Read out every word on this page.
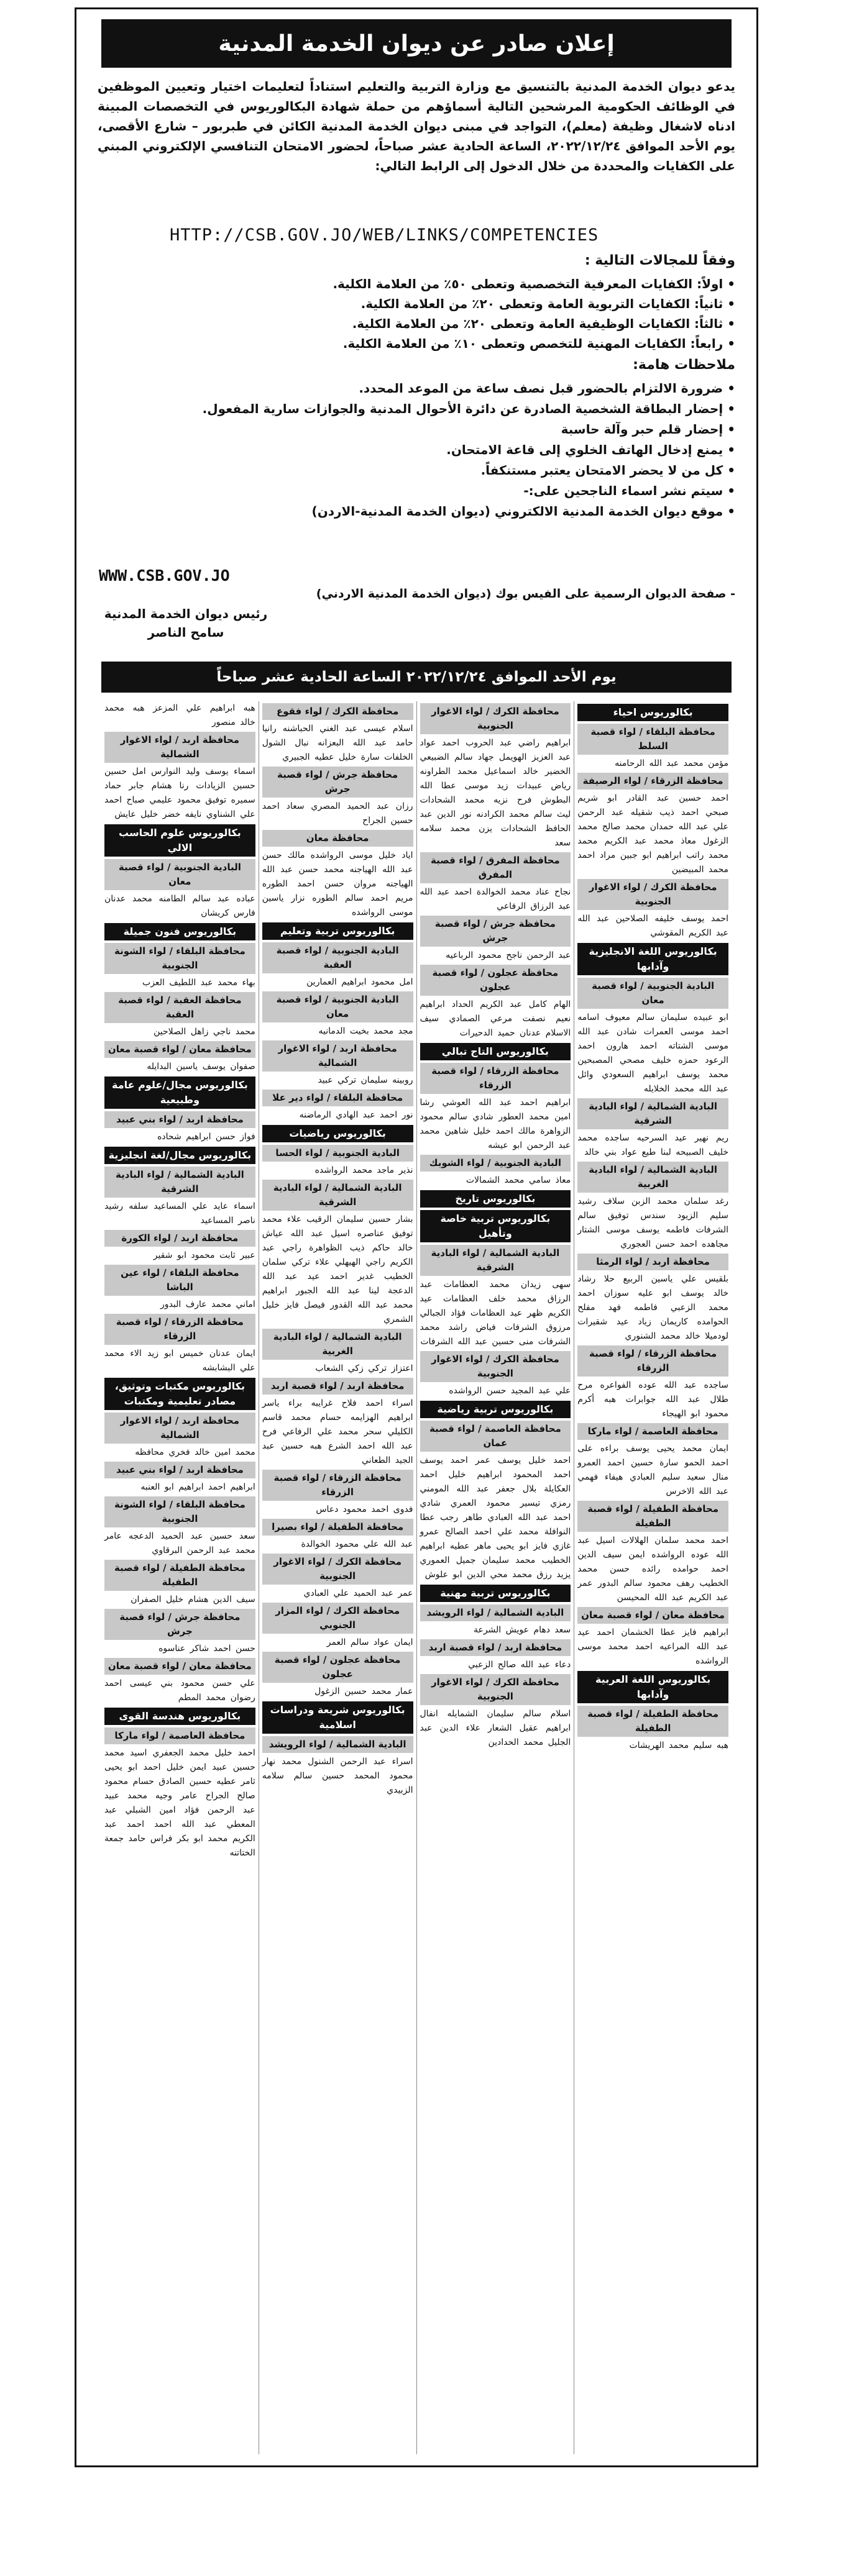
إعلان صادر عن ديوان الخدمة المدنية
يدعو ديوان الخدمة المدنية بالتنسيق مع وزارة التربية والتعليم استناداً لتعليمات اختيار وتعيين الموظفين في الوظائف الحكومية المرشحين التالية أسماؤهم من حملة شهادة البكالوريوس في التخصصات المبينة ادناه لاشغال وظيفة (معلم)، التواجد في مبنى ديوان الخدمة المدنية الكائن في طبربور – شارع الأقصى، يوم الأحد الموافق ٢٠٢٢/١٢/٢٤، الساعة الحادية عشر صباحاً، لحضور الامتحان التنافسي الإلكتروني المبني على الكفايات والمحددة من خلال الدخول إلى الرابط التالي:
HTTP://CSB.GOV.JO/WEB/LINKS/COMPETENCIES
وفقاً للمجالات التالية :
• اولاً: الكفايات المعرفية التخصصية وتعطى ٥٠٪ من العلامة الكلية.
• ثانياً: الكفايات التربوية العامة وتعطى ٢٠٪ من العلامة الكلية.
• ثالثاً: الكفايات الوظيفية العامة وتعطى ٢٠٪ من العلامة الكلية.
• رابعاً: الكفايات المهنية للتخصص وتعطى ١٠٪ من العلامة الكلية.
ملاحظات هامة:
• ضرورة الالتزام بالحضور قبل نصف ساعة من الموعد المحدد.
• إحضار البطاقة الشخصية الصادرة عن دائرة الأحوال المدنية والجوازات سارية المفعول.
• إحضار قلم حبر وآلة حاسبة
• يمنع إدخال الهاتف الخلوي إلى قاعة الامتحان.
• كل من لا يحضر الامتحان يعتبر مستنكفاً.
• سيتم نشر اسماء الناجحين على:-
• موقع ديوان الخدمة المدنية الالكتروني (ديوان الخدمة المدنية-الاردن)
WWW.CSB.GOV.JO
- صفحة الديوان الرسمية على الفيس بوك (ديوان الخدمة المدنية الاردني)
رئيس ديوان الخدمة المدنية
سامح الناصر
يوم الأحد الموافق ٢٠٢٢/١٢/٢٤ الساعة الحادية عشر صباحاً
بكالوريوس احياء
محافظة البلقاء / لواء قصبة السلط
مؤمن محمد عبد الله الرحامنه
محافظة الزرقاء / لواء الرصيفة
احمد حسين عبد القادر ابو شريم صبحي احمد ذيب شقيله عبد الرحمن علي عبد الله حمدان محمد صالح محمد الزغول معاذ محمد عبد الكريم محمد محمد راتب ابراهيم ابو جبين مراد احمد محمد المبيضين
محافظة الكرك / لواء الاغوار الجنوبية
احمد يوسف خليفه الصلاحين عبد الله عبد الكريم المقوشي
بكالوريوس اللغة الانجليزية وآدابها
البادية الجنوبية / لواء قصبة معان
ابو عبيده سليمان سالم معيوف اسامه احمد موسى العمرات شادن عبد الله موسى الشتاته احمد هارون احمد الرعود حمزه خليف مصحي المصبحين محمد يوسف ابراهيم السعودي وائل عبد الله محمد الخلايله
البادية الشمالية / لواء البادية الشرقية
ريم نهير عيد السرحيه ساجده محمد خليف الصبيحه لبنا طيع عواد بني خالد
البادية الشمالية / لواء البادية الغربية
رغد سلمان محمد الزبن سلاف رشيد سليم الزيود سندس توفيق سالم الشرفات فاطمه يوسف موسى الشتار مجاهده احمد حسن العجوري
محافظة اربد / لواء الرمثا
بلقيس علي ياسين الربيع حلا رشاد خالد يوسف ابو عليه سوزان احمد محمد الزعبي فاطمه فهد مفلح الحوامده كاريمان زياد عيد شقيرات لودميلا خالد محمد الشنوري
محافظة الزرقاء / لواء قصبة الزرقاء
ساجده عبد الله عوده الفواعره مرح طلال عبد الله جوابرات هبه أكرم محمود ابو الهيجاء
محافظة العاصمة / لواء ماركا
ايمان محمد يحيى يوسف براءه على احمد الحمو سارة حسين احمد العمرو منال سعيد سليم العبادي هيفاء فهمي عبد الله الاخرس
محافظة الطفيلة / لواء قصبة الطفيلة
احمد محمد سلمان الهلالات اسيل عبد الله عوده الرواشده ايمن سيف الدين احمد حوامده رائده حسن محمد الخطيب رهف محمود سالم البدور عمر عبد الكريم عبد الله المحيسن
محافظة معان / لواء قصبة معان
ابراهيم فايز عطا الخشمان احمد عيد عبد الله المراعيه احمد محمد موسى الرواشده
بكالوريوس اللغة العربية وآدابها
محافظة الطفيلة / لواء قصبة الطفيلة
هبه سليم محمد الهريشات
محافظة الكرك / لواء الاغوار الجنوبية
ابراهيم راضي عبد الحروب احمد عواد عبد العزيز الهويمل جهاد سالم الضبيعي الخضير خالد اسماعيل محمد الطراونه رياض عبيدات زيد موسى عطا الله البطوش فرح نزيه محمد الشحادات ليث سالم محمد الكرادنه نور الدين عبد الحافظ الشحادات يزن محمد سلامه سعد
محافظة المفرق / لواء قصبة المفرق
نجاح عناد محمد الخوالدة احمد عبد الله عبد الرزاق الرفاعي
محافظة جرش / لواء قصبة جرش
عبد الرحمن ناجح محمود الرباعيه
محافظة عجلون / لواء قصبة عجلون
الهام كامل عبد الكريم الحداد ابراهيم نعيم نصفت مرعي الصمادي سيف الاسلام عدنان حميد الدحيرات
بكالوريوس التاج تبالي
محافظة الزرقاء / لواء قصبة الزرقاء
ابراهيم احمد عبد الله العوشي رشا امين محمد العطور شادي سالم محمود الزواهرة مالك احمد خليل شاهين محمد عبد الرحمن ابو عيشه
البادية الجنوبية / لواء الشوبك
معاذ سامي محمد الشمالات
بكالوريوس تاريخ
بكالوريوس تربية خاصة وتأهيل
البادية الشمالية / لواء البادية الشرقية
سهى زيدان محمد العظامات عبد الرزاق محمد خلف العظامات عيد الكريم ظهر عيد العظامات فؤاد الجبالي مرزوق الشرفات فياض راشد محمد الشرفات منى حسين عبد الله الشرفات
محافظة الكرك / لواء الاغوار الجنوبية
علي عبد المجيد حسن الرواشده
بكالوريوس تربية رياضية
محافظة العاصمة / لواء قصبة عمان
احمد خليل يوسف عمر احمد يوسف احمد المحمود ابراهيم خليل احمد العكايلة بلال جعفر عبد الله المومني رمزي تيسير محمود العمري شادي احمد عبد الله العبادي طاهر رجب عطا النوافلة محمد علي احمد الصالح عمرو غازي فايز ابو يحيى ماهر عطيه ابراهيم الخطيب محمد سليمان جميل العموري يزيد رزق محمد محي الدين ابو علوش
بكالوريوس تربية مهنية
البادية الشمالية / لواء الرويشد
سعد دهام عويش الشرعة
محافظة اربد / لواء قصبة اربد
دعاء عبد الله صالح الزعبي
محافظة الكرك / لواء الاغوار الجنوبية
اسلام سالم سليمان الشمايله انفال ابراهيم عقيل الشعار علاء الدين عبد الجليل محمد الحدادين
محافظة الكرك / لواء فقوع
اسلام عيسى عبد الغني الحباشنه رانيا حامد عبد الله البعزانه نبال الشول الخلفات سارة خليل عطيه الجبيري
محافظة جرش / لواء قصبة جرش
رزان عبد الحميد المصري سعاد احمد حسين الجراح
محافظة معان
اياد خليل موسى الرواشده مالك حسن عبد الله الهياجنه محمد حسن عبد الله الهياجنه مروان حسن احمد الطوره مريم احمد سالم الطوره نزار ياسين موسى الرواشده
بكالوريوس تربية وتعليم
البادية الجنوبية / لواء قصبة العقبة
امل محمود ابراهيم العمارين
البادية الجنوبية / لواء قصبة معان
مجد محمد بخيت الدمانيه
محافظة اربد / لواء الاغوار الشمالية
روبينه سليمان تركي عبيد
محافظة البلقاء / لواء دير علا
نور احمد عبد الهادي الرماضنه
بكالوريوس رياضيات
البادية الجنوبية / لواء الحسا
نذير ماجد محمد الرواشده
البادية الشمالية / لواء البادية الشرقية
بشار حسين سليمان الرقيب علاء محمد توفيق عناصره اسيل عبد الله عياش خالد حاكم ذيب الظواهرة راجي عبد الكريم راجي الهيهلي علاء تركي سلمان الخطيب غدير احمد عيد عبد الله الدعجة لينا عبد الله الجبور ابراهيم محمد عبد الله القدور فيصل فايز خليل الشمري
البادية الشمالية / لواء البادية الغربية
اعتزاز تركي زكي الشعاب
محافظة اربد / لواء قصبة اربد
اسراء احمد فلاح غرايبه براء ياسر ابراهيم الهزايمه حسام محمد قاسم الكليلي سحر محمد علي الرفاعي فرح عبد الله احمد الشرع هبه حسين عبد الجيد الطعاني
محافظة الزرقاء / لواء قصبة الزرقاء
فدوى احمد محمود دعاس
محافظة الطفيلة / لواء بصيرا
عبد الله علي محمود الخوالدة
محافظة الكرك / لواء الاغوار الجنوبية
عمر عبد الحميد علي العبادي
محافظة الكرك / لواء المزار الجنوبي
ايمان عواد سالم العمر
محافظة عجلون / لواء قصبة عجلون
عمار محمد حسين الزغول
بكالوريوس شريعة ودراسات اسلامية
البادية الشمالية / لواء الرويشد
اسراء عبد الرحمن الشنول محمد نهار محمود المحمد حسين سالم سلامه الزبيدي
هبه ابراهيم علي المزعز هبه محمد خالد منصور
محافظة اربد / لواء الاغوار الشمالية
اسماء يوسف وليد النوارس امل حسين حسين الزيادات رنا هشام جابر حماد سميره توفيق محمود عليمي صباح احمد علي الشناوي نايفه خضر خليل عايش
بكالوريوس علوم الحاسب الالي
البادية الجنوبية / لواء قصبة معان
عباده عبد سالم الطامنه محمد عدنان فارس كريشان
بكالوريوس فنون جميلة
محافظة البلقاء / لواء الشونة الجنوبية
بهاء محمد عبد اللطيف العزب
محافظة العقبة / لواء قصبة العقبة
محمد ناجي زاهل الصلاحين
محافظة معان / لواء قصبة معان
صفوان يوسف ياسين البدايله
بكالوريوس مجال/علوم عامة وطبيعية
محافظة اربد / لواء بني عبيد
فواز حسن ابراهيم شحاده
بكالوريوس مجال/لغة انجليزية
البادية الشمالية / لواء البادية الشرقية
اسماء عايد علي المساعيد سلفه رشيد ناصر المساعيد
محافظة اربد / لواء الكورة
عبير ثابت محمود ابو شقير
محافظة البلقاء / لواء عين الباشا
اماني محمد عارف البدور
محافظة الزرقاء / لواء قصبة الزرقاء
ايمان عدنان خميس ابو زيد الاء محمد علي البشابشه
بكالوريوس مكتبات وتوثيق، مصادر تعليمية ومكتبات
محافظة اربد / لواء الاغوار الشمالية
محمد امين خالد فخري محافظه
محافظة اربد / لواء بني عبيد
ابراهيم احمد ابراهيم ابو العنبه
محافظة البلقاء / لواء الشونة الجنوبية
سعد حسين عبد الحميد الدعجه عامر محمد عبد الرحمن البرقاوي
محافظة الطفيلة / لواء قصبة الطفيلة
سيف الدين هشام خليل الصفران
محافظة جرش / لواء قصبة جرش
حسن احمد شاكر عناسوه
محافظة معان / لواء قصبة معان
علي حسن محمود بني عيسى احمد رضوان محمد المطم
بكالوريوس هندسة القوى
محافظة العاصمة / لواء ماركا
احمد خليل محمد الجعفري اسيد محمد حسين عبيد ايمن خليل احمد ابو يحيى ثامر عطيه حسين الصادق حسام محمود صالح الجراح عامر وجيه محمد عبيد عبد الرحمن فؤاد امين الشبلي عبد المعطي عبد الله احمد احمد عبد الكريم محمد ابو بكر فراس حامد جمعة الختاتنه
